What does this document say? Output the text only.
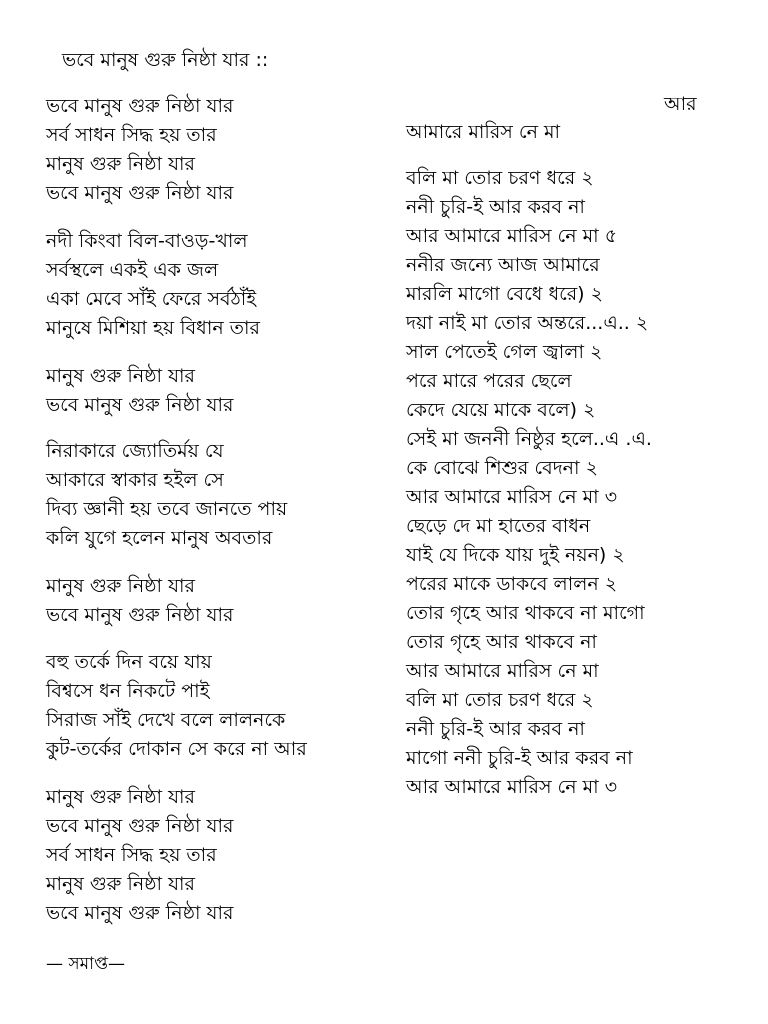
ভবে মানুষ গুরু নিষ্ঠা যার ::
ভবে মানুষ গুরু নিষ্ঠা যার
সর্ব সাধন সিদ্ধ হয় তার
মানুষ গুরু নিষ্ঠা যার
ভবে মানুষ গুরু নিষ্ঠা যার
নদী কিংবা বিল-বাওড়-খাল
সর্বস্থলে একই এক জল
একা মেবে সাঁই ফেরে সর্বঠাঁই
মানুষে মিশিয়া হয় বিধান তার
মানুষ গুরু নিষ্ঠা যার
ভবে মানুষ গুরু নিষ্ঠা যার
নিরাকারে জ্যোতির্ময় যে
আকারে স্বাকার হইল সে
দিব্য জ্ঞানী হয় তবে জানতে পায়
কলি যুগে হলেন মানুষ অবতার
মানুষ গুরু নিষ্ঠা যার
ভবে মানুষ গুরু নিষ্ঠা যার
বহু তর্কে দিন বয়ে যায়
বিশ্বসে ধন নিকটে পাই
সিরাজ সাঁই দেখে বলে লালনকে
কুট-তর্কের দোকান সে করে না আর
মানুষ গুরু নিষ্ঠা যার
ভবে মানুষ গুরু নিষ্ঠা যার
সর্ব সাধন সিদ্ধ হয় তার
মানুষ গুরু নিষ্ঠা যার
ভবে মানুষ গুরু নিষ্ঠা যার
— সমাপ্ত—
আর
আমারে মারিস নে মা
বলি মা তোর চরণ ধরে ২
ননী চুরি-ই আর করব না
আর আমারে মারিস নে মা ৫
ননীর জন্যে আজ আমারে
মারলি মাগো বেধে ধরে) ২
দয়া নাই মা তোর অন্তরে...এ.. ২
সাল পেতেই গেল জ্বালা ২
পরে মারে পরের ছেলে
কেদে যেয়ে মাকে বলে) ২
সেই মা জননী নিষ্ঠুর হলে..এ .এ.
কে বোঝে শিশুর বেদনা ২
আর আমারে মারিস নে মা ৩
ছেড়ে দে মা হাতের বাধন
যাই যে দিকে যায় দুই নয়ন) ২
পরের মাকে ডাকবে লালন ২
তোর গৃহে আর থাকবে না মাগো
তোর গৃহে আর থাকবে না
আর আমারে মারিস নে মা
বলি মা তোর চরণ ধরে ২
ননী চুরি-ই আর করব না
মাগো ননী চুরি-ই আর করব না
আর আমারে মারিস নে মা ৩
